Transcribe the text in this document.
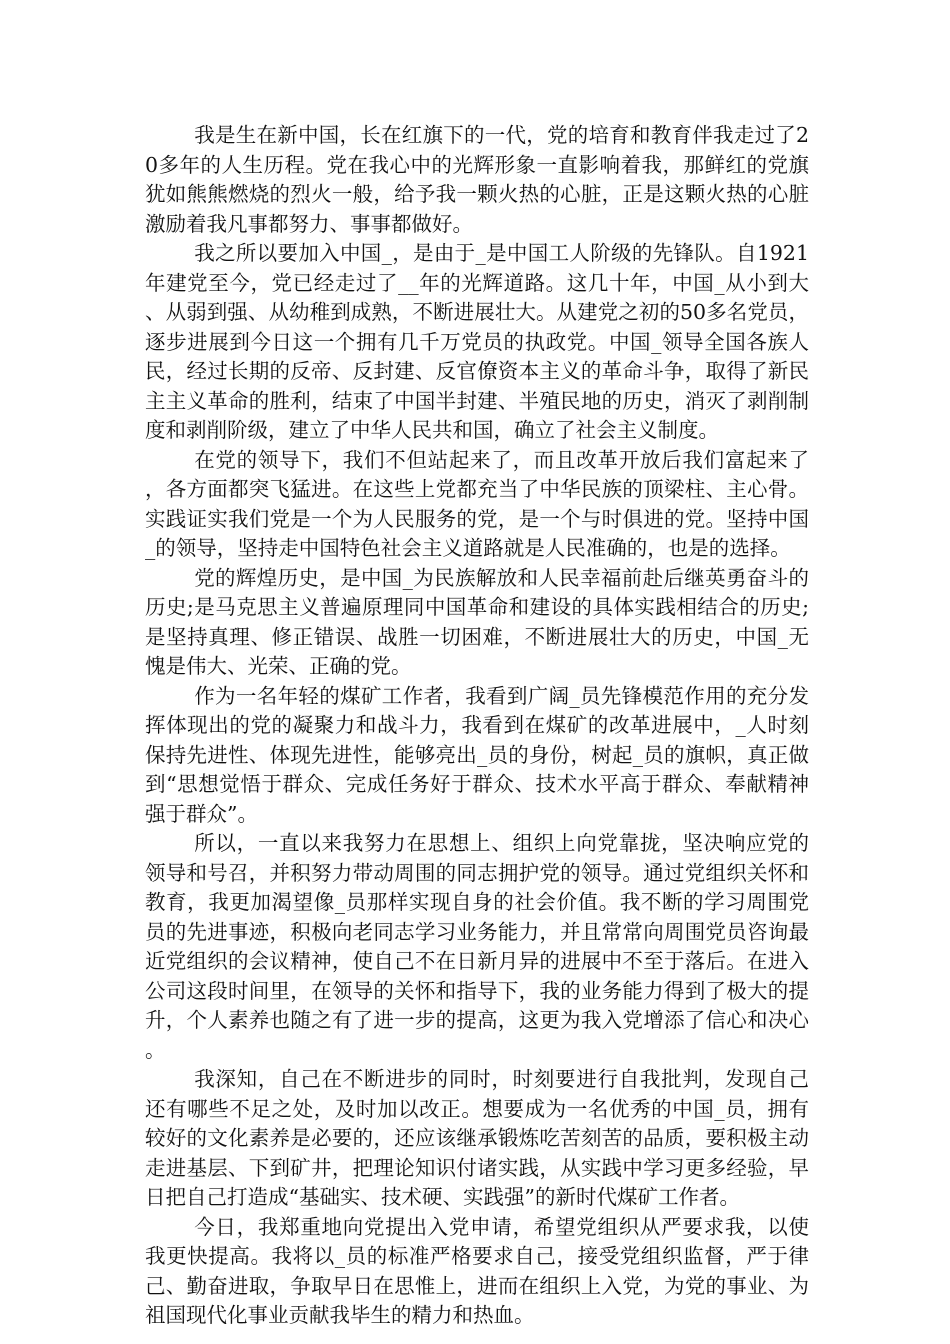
我是生在新中国，长在红旗下的一代，党的培育和教育伴我走过了20多年的人生历程。党在我心中的光辉形象一直影响着我，那鲜红的党旗犹如熊熊燃烧的烈火一般，给予我一颗火热的心脏，正是这颗火热的心脏激励着我凡事都努力、事事都做好。

我之所以要加入中国_，是由于_是中国工人阶级的先锋队。自1921年建党至今，党已经走过了__年的光辉道路。这几十年，中国_从小到大、从弱到强、从幼稚到成熟，不断进展壮大。从建党之初的50多名党员，逐步进展到今日这一个拥有几千万党员的执政党。中国_领导全国各族人民，经过长期的反帝、反封建、反官僚资本主义的革命斗争，取得了新民主主义革命的胜利，结束了中国半封建、半殖民地的历史，消灭了剥削制度和剥削阶级，建立了中华人民共和国，确立了社会主义制度。

在党的领导下，我们不但站起来了，而且改革开放后我们富起来了，各方面都突飞猛进。在这些上党都充当了中华民族的顶梁柱、主心骨。实践证实我们党是一个为人民服务的党，是一个与时俱进的党。坚持中国_的领导，坚持走中国特色社会主义道路就是人民准确的，也是的选择。

党的辉煌历史，是中国_为民族解放和人民幸福前赴后继英勇奋斗的历史;是马克思主义普遍原理同中国革命和建设的具体实践相结合的历史;是坚持真理、修正错误、战胜一切困难，不断进展壮大的历史，中国_无愧是伟大、光荣、正确的党。

作为一名年轻的煤矿工作者，我看到广阔_员先锋模范作用的充分发挥体现出的党的凝聚力和战斗力，我看到在煤矿的改革进展中，_人时刻保持先进性、体现先进性，能够亮出_员的身份，树起_员的旗帜，真正做到“思想觉悟于群众、完成任务好于群众、技术水平高于群众、奉献精神强于群众”。

所以，一直以来我努力在思想上、组织上向党靠拢，坚决响应党的领导和号召，并积努力带动周围的同志拥护党的领导。通过党组织关怀和教育，我更加渴望像_员那样实现自身的社会价值。我不断的学习周围党员的先进事迹，积极向老同志学习业务能力，并且常常向周围党员咨询最近党组织的会议精神，使自己不在日新月异的进展中不至于落后。在进入公司这段时间里，在领导的关怀和指导下，我的业务能力得到了极大的提升，个人素养也随之有了进一步的提高，这更为我入党增添了信心和决心。

我深知，自己在不断进步的同时，时刻要进行自我批判，发现自己还有哪些不足之处，及时加以改正。想要成为一名优秀的中国_员，拥有较好的文化素养是必要的，还应该继承锻炼吃苦刻苦的品质，要积极主动走进基层、下到矿井，把理论知识付诸实践，从实践中学习更多经验，早日把自己打造成“基础实、技术硬、实践强”的新时代煤矿工作者。

今日，我郑重地向党提出入党申请，希望党组织从严要求我，以使我更快提高。我将以_员的标准严格要求自己，接受党组织监督，严于律己、勤奋进取，争取早日在思惟上，进而在组织上入党，为党的事业、为祖国现代化事业贡献我毕生的精力和热血。
